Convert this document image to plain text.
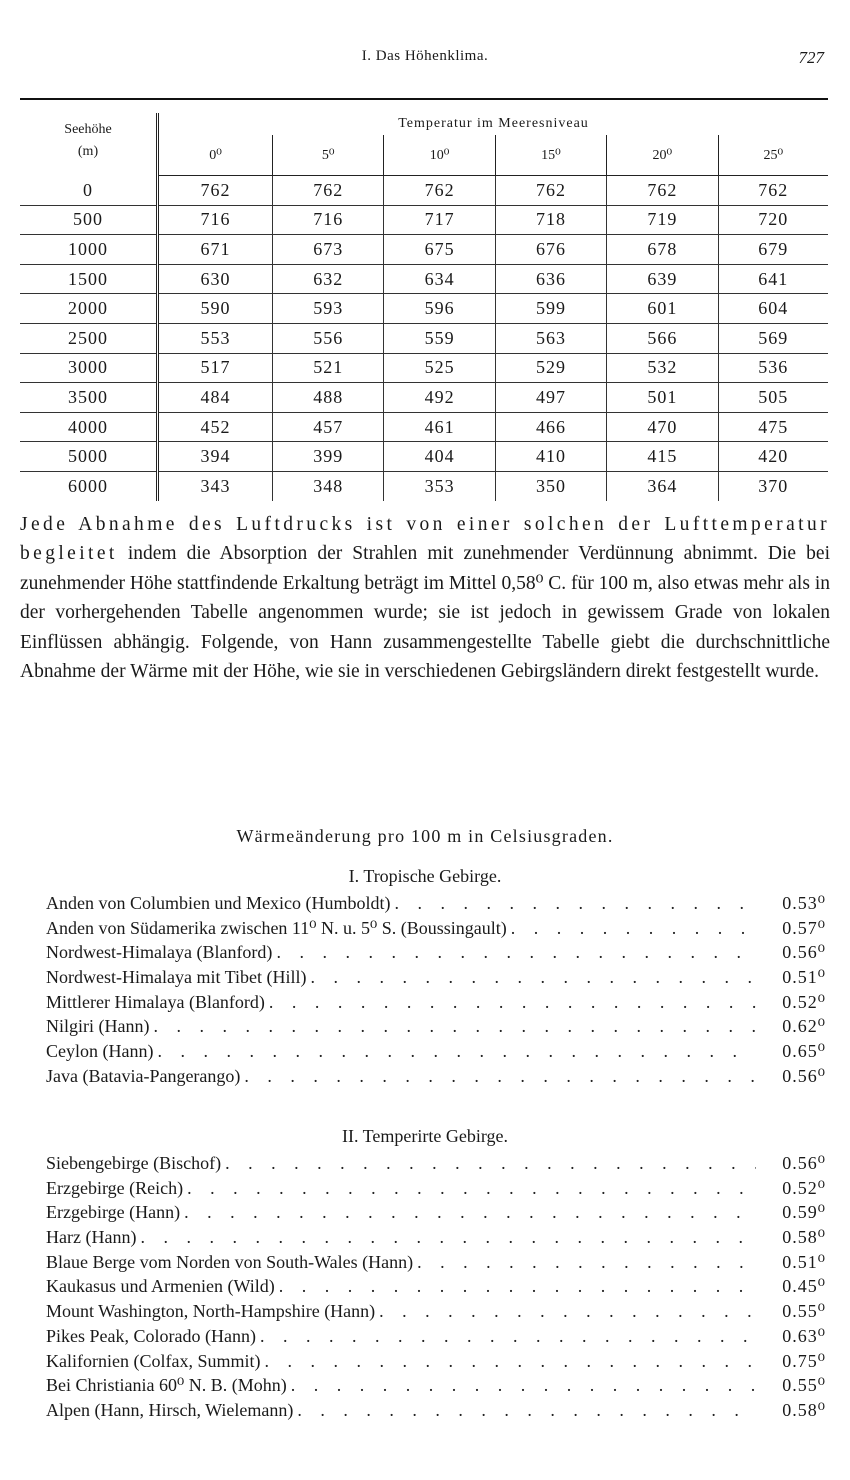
I. Das Höhenklima.	727
Seehöhe
(m)	Temperatur im Meeresniveau					
	0⁰	5⁰	10⁰	15⁰	20⁰	25⁰
0	762	762	762	762	762	762
500	716	716	717	718	719	720
1000	671	673	675	676	678	679
1500	630	632	634	636	639	641
2000	590	593	596	599	601	604
2500	553	556	559	563	566	569
3000	517	521	525	529	532	536
3500	484	488	492	497	501	505
4000	452	457	461	466	470	475
5000	394	399	404	410	415	420
6000	343	348	353	350	364	370
Jede Abnahme des Luftdrucks ist von einer solchen der Lufttemperatur begleitet indem die Absorption der Strahlen mit zunehmender Verdünnung abnimmt. Die bei zunehmender Höhe stattfindende Erkaltung beträgt im Mittel 0,58⁰ C. für 100 m, also etwas mehr als in der vorhergehenden Tabelle angenommen wurde; sie ist jedoch in gewissem Grade von lokalen Einflüssen abhängig. Folgende, von Hann zusammengestellte Tabelle giebt die durchschnittliche Abnahme der Wärme mit der Höhe, wie sie in verschiedenen Gebirgsländern direkt festgestellt wurde.
Wärmeänderung pro 100 m in Celsiusgraden.
I. Tropische Gebirge.
Anden von Columbien und Mexico (Humboldt) . . .	0.53⁰
Anden von Südamerika zwischen 11⁰ N. u. 5⁰ S. (Boussingault) . . .	0.57⁰
Nordwest-Himalaya (Blanford) . . .	0.56⁰
Nordwest-Himalaya mit Tibet (Hill) . . .	0.51⁰
Mittlerer Himalaya (Blanford) . . .	0.52⁰
Nilgiri (Hann) . . .	0.62⁰
Ceylon (Hann) . . .	0.65⁰
Java (Batavia-Pangerango) . . .	0.56⁰
II. Temperirte Gebirge.
Siebengebirge (Bischof) . . .	0.56⁰
Erzgebirge (Reich) . . .	0.52⁰
Erzgebirge (Hann) . . .	0.59⁰
Harz (Hann) . . .	0.58⁰
Blaue Berge vom Norden von South-Wales (Hann) . . .	0.51⁰
Kaukasus und Armenien (Wild) . . .	0.45⁰
Mount Washington, North-Hampshire (Hann) . . .	0.55⁰
Pikes Peak, Colorado (Hann) . . .	0.63⁰
Kalifornien (Colfax, Summit) . . .	0.75⁰
Bei Christiania 60⁰ N. B. (Mohn) . . .	0.55⁰
Alpen (Hann, Hirsch, Wielemann) . . .	0.58⁰
